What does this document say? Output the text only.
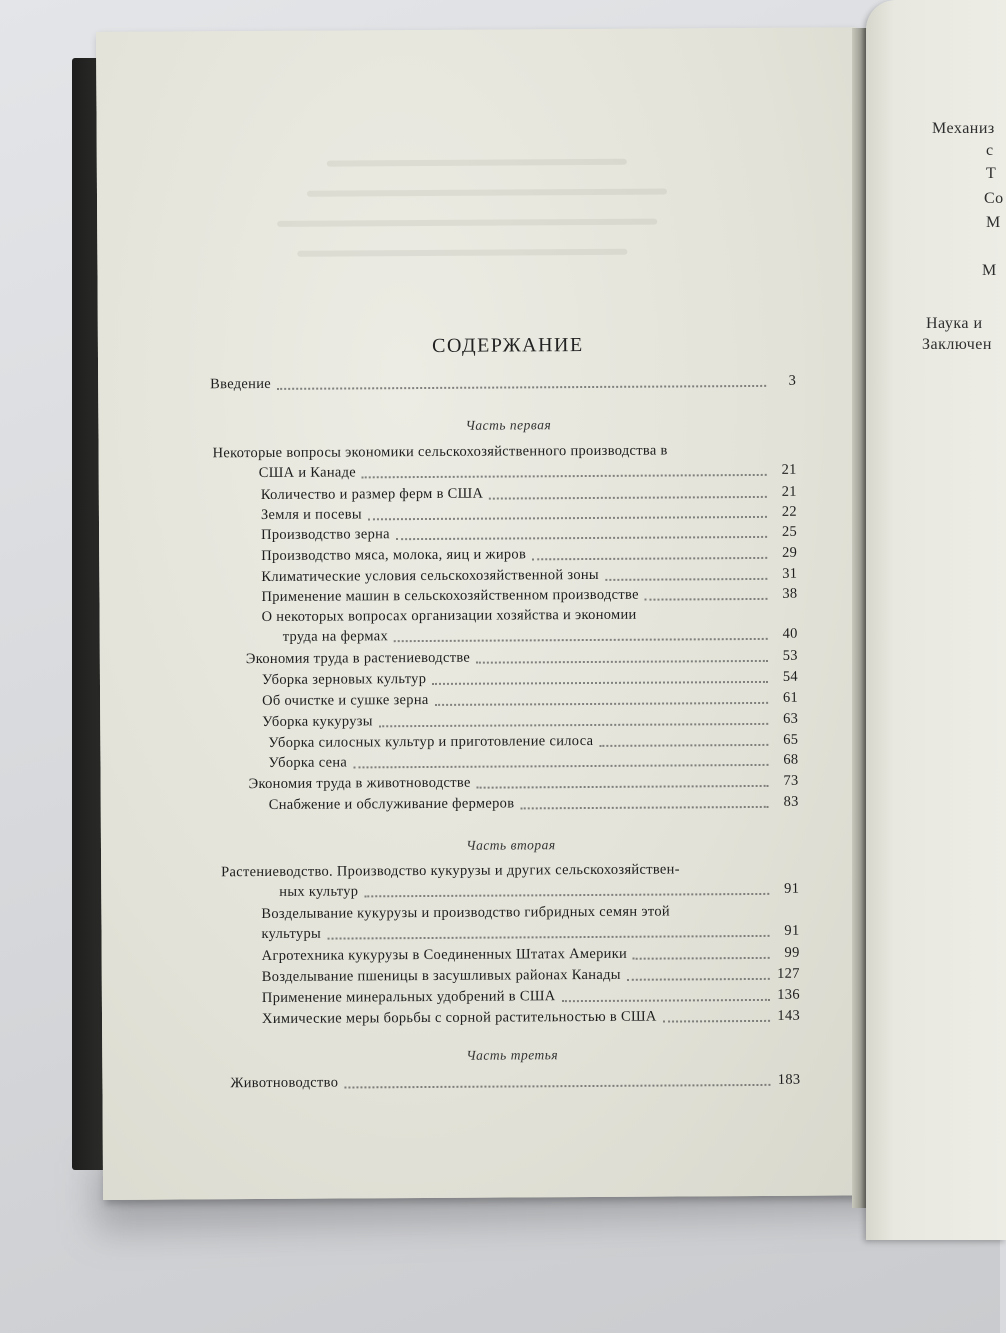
СОДЕРЖАНИЕ
Введение	3
Часть первая
Некоторые вопросы экономики сельскохозяйственного производства в
США и Канаде	21
Количество и размер ферм в США	21
Земля и посевы	22
Производство зерна	25
Производство мяса, молока, яиц и жиров	29
Климатические условия сельскохозяйственной зоны	31
Применение машин в сельскохозяйственном производстве	38
О некоторых вопросах организации хозяйства и экономии
труда на фермах	40
Экономия труда в растениеводстве	53
Уборка зерновых культур	54
Об очистке и сушке зерна	61
Уборка кукурузы	63
Уборка силосных культур и приготовление силоса	65
Уборка сена	68
Экономия труда в животноводстве	73
Снабжение и обслуживание фермеров	83
Часть вторая
Растениеводство. Производство кукурузы и других сельскохозяйствен-
ных культур	91
Возделывание кукурузы и производство гибридных семян этой
культуры	91
Агротехника кукурузы в Соединенных Штатах Америки	99
Возделывание пшеницы в засушливых районах Канады	127
Применение минеральных удобрений в США	136
Химические меры борьбы с сорной растительностью в США	143
Часть третья
Животноводство	183
Механиз
с
Т
Со
М
М
Наука и
Заключен
